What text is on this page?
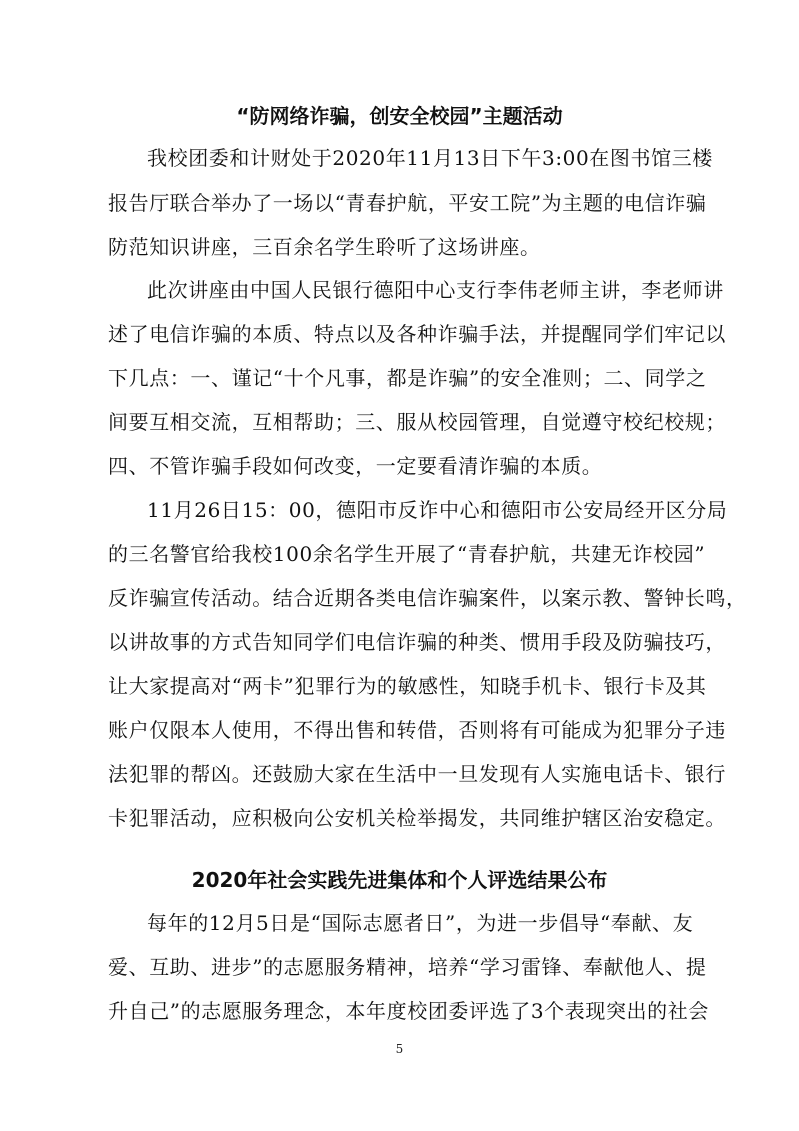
“防网络诈骗，创安全校园”主题活动
我校团委和计财处于2020年11月13日下午3:00在图书馆三楼
报告厅联合举办了一场以“青春护航，平安工院”为主题的电信诈骗
防范知识讲座，三百余名学生聆听了这场讲座。
此次讲座由中国人民银行德阳中心支行李伟老师主讲，李老师讲
述了电信诈骗的本质、特点以及各种诈骗手法，并提醒同学们牢记以
下几点：一、谨记“十个凡事，都是诈骗”的安全准则；二、同学之
间要互相交流，互相帮助；三、服从校园管理，自觉遵守校纪校规；
四、不管诈骗手段如何改变，一定要看清诈骗的本质。
11月26日15：00，德阳市反诈中心和德阳市公安局经开区分局
的三名警官给我校100余名学生开展了“青春护航，共建无诈校园”
反诈骗宣传活动。结合近期各类电信诈骗案件，以案示教、警钟长鸣，
以讲故事的方式告知同学们电信诈骗的种类、惯用手段及防骗技巧，
让大家提高对“两卡”犯罪行为的敏感性，知晓手机卡、银行卡及其
账户仅限本人使用，不得出售和转借，否则将有可能成为犯罪分子违
法犯罪的帮凶。还鼓励大家在生活中一旦发现有人实施电话卡、银行
卡犯罪活动，应积极向公安机关检举揭发，共同维护辖区治安稳定。
2020年社会实践先进集体和个人评选结果公布
每年的12月5日是“国际志愿者日”，为进一步倡导“奉献、友
爱、互助、进步”的志愿服务精神，培养“学习雷锋、奉献他人、提
升自己”的志愿服务理念，本年度校团委评选了3个表现突出的社会
5
